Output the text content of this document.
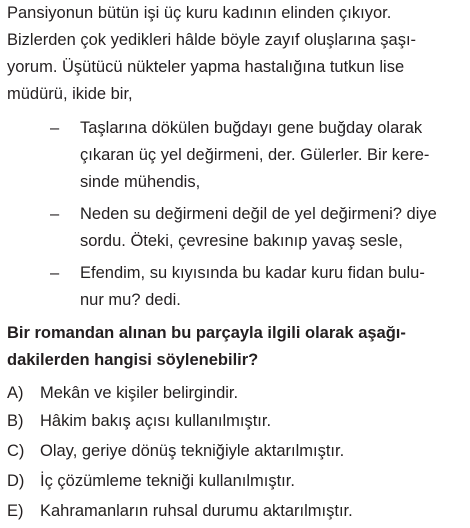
Pansiyonun bütün işi üç kuru kadının elinden çıkıyor.
Bizlerden çok yedikleri hâlde böyle zayıf oluşlarına şaşı-
yorum. Üşütücü nükteler yapma hastalığına tutkun lise
müdürü, ikide bir,
– Taşlarına dökülen buğdayı gene buğday olarak
çıkaran üç yel değirmeni, der. Gülerler. Bir kere-
sinde mühendis,
– Neden su değirmeni değil de yel değirmeni? diye
sordu. Öteki, çevresine bakınıp yavaş sesle,
– Efendim, su kıyısında bu kadar kuru fidan bulu-
nur mu? dedi.
Bir romandan alınan bu parçayla ilgili olarak aşağı-
dakilerden hangisi söylenebilir?
A) Mekân ve kişiler belirgindir.
B) Hâkim bakış açısı kullanılmıştır.
C) Olay, geriye dönüş tekniğiyle aktarılmıştır.
D) İç çözümleme tekniği kullanılmıştır.
E) Kahramanların ruhsal durumu aktarılmıştır.
